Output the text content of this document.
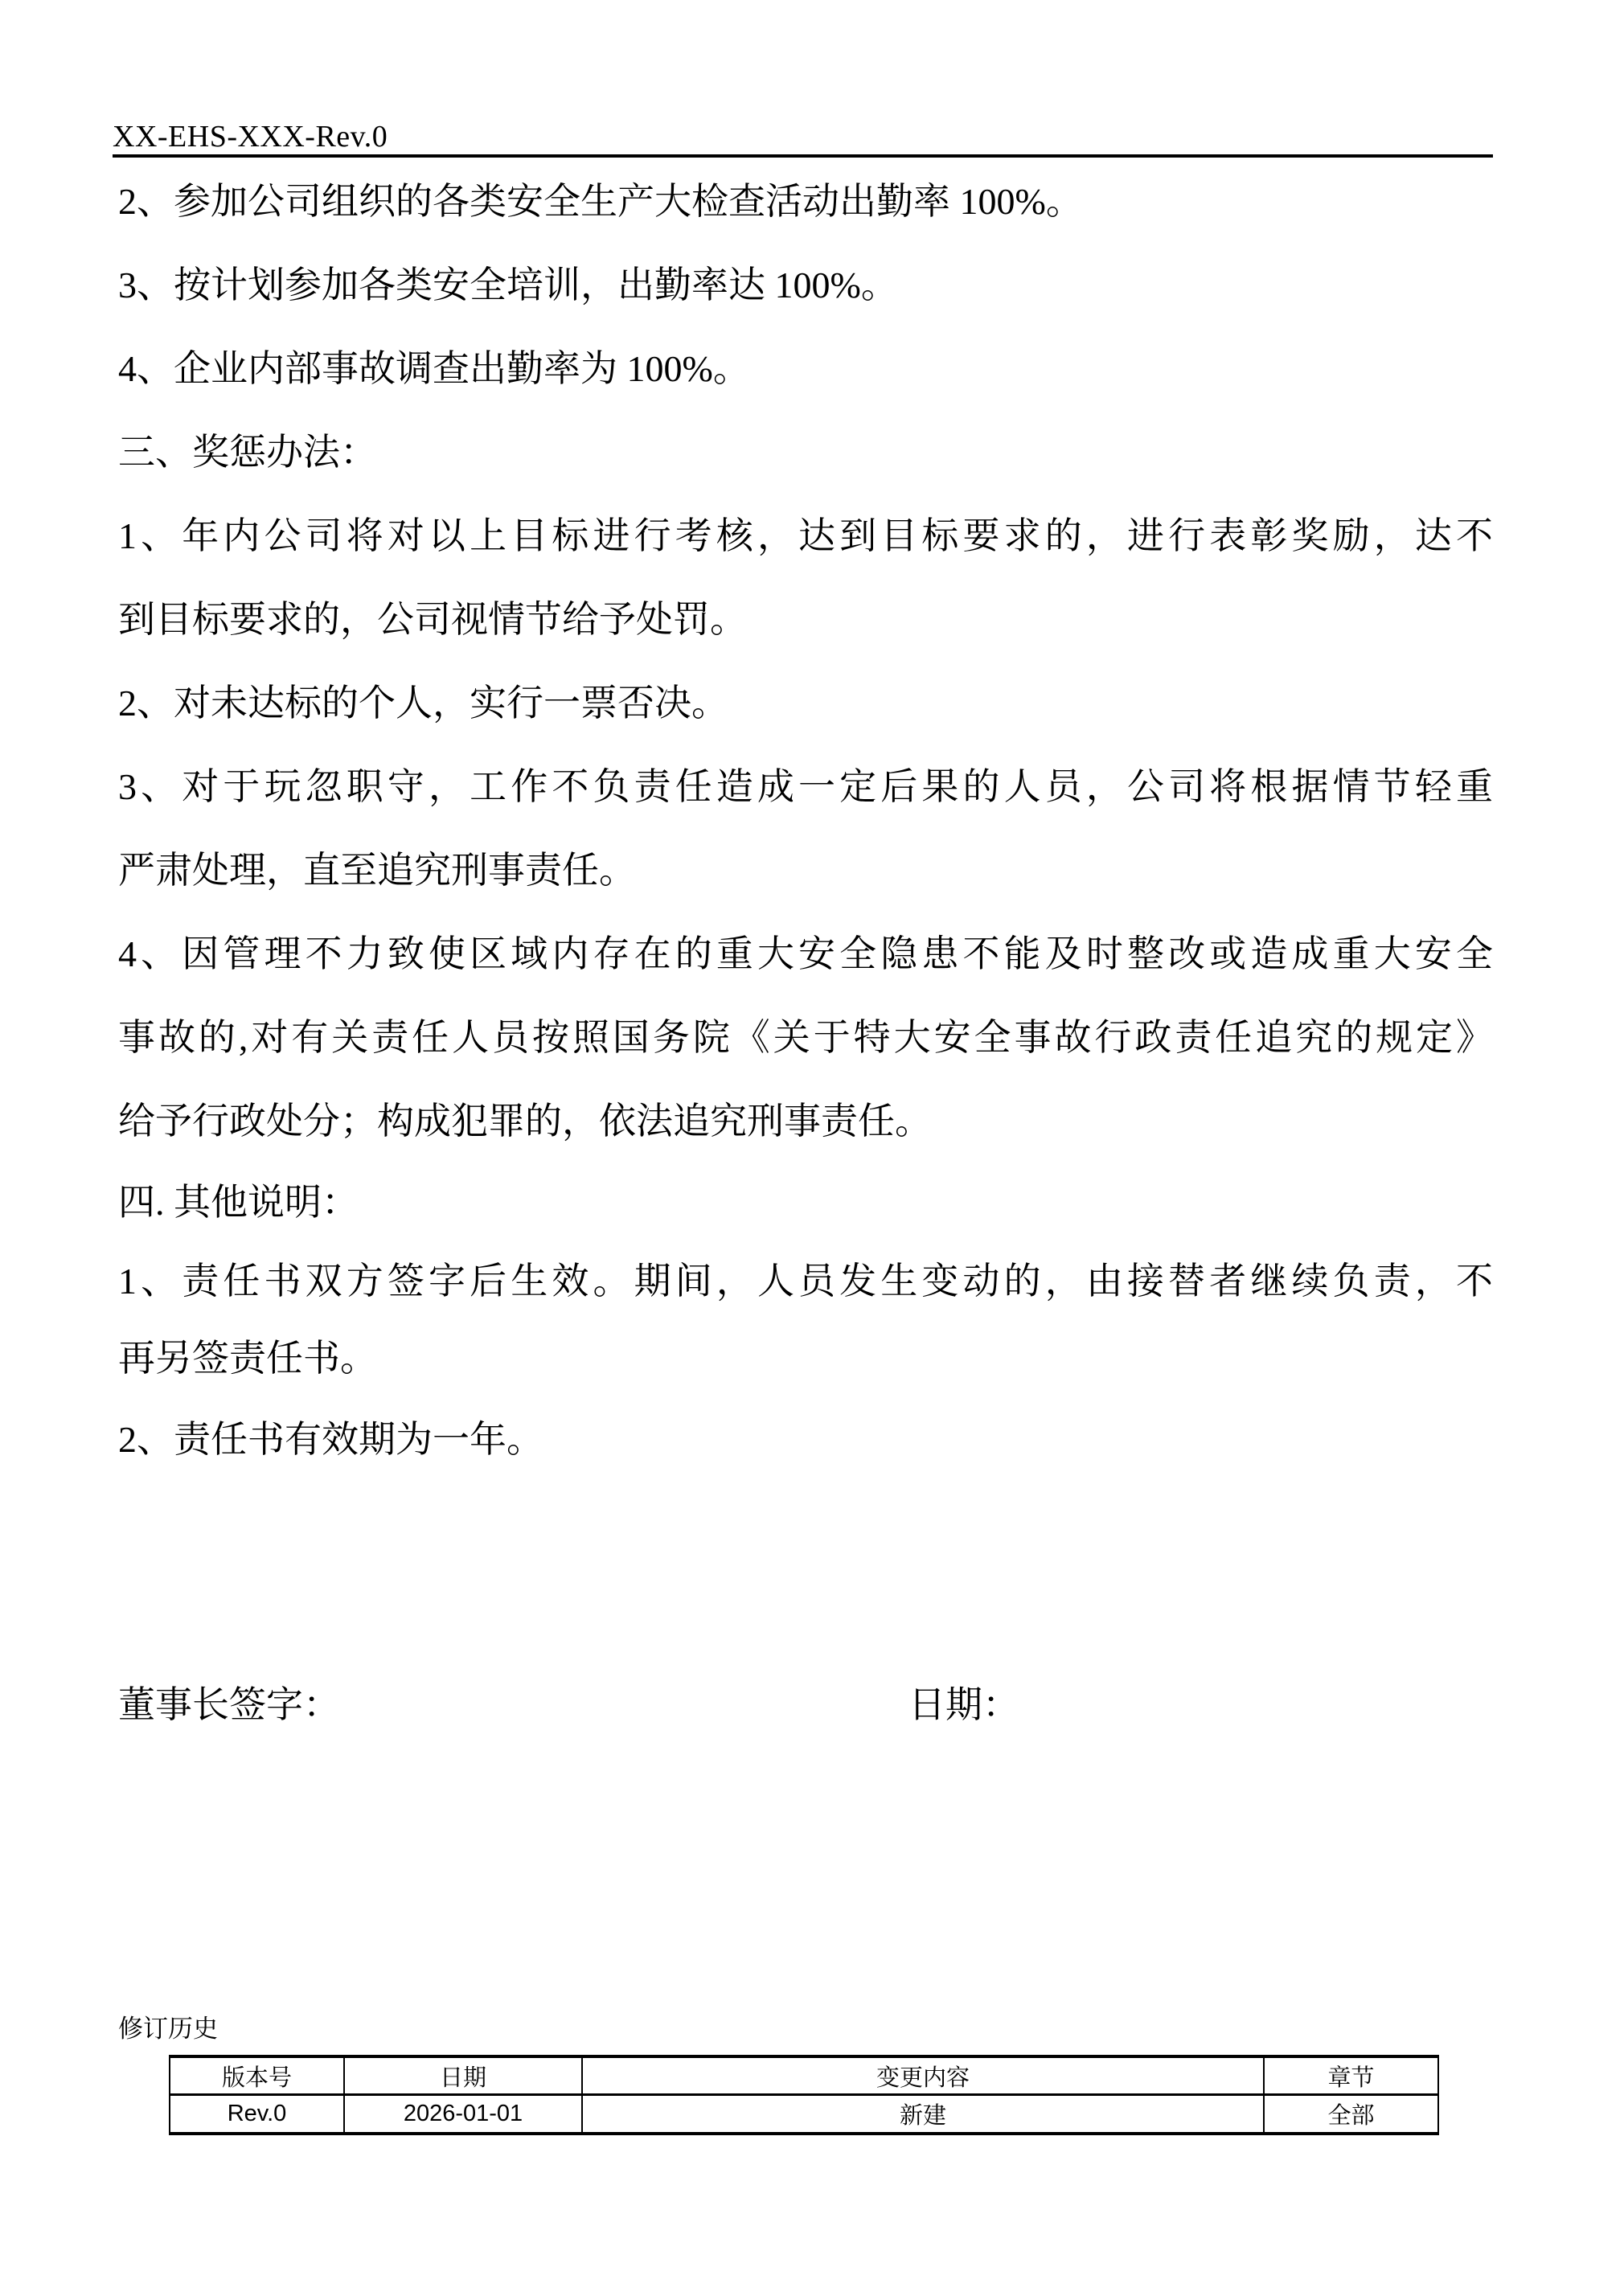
XX-EHS-XXX-Rev.0
2、参加公司组织的各类安全生产大检查活动出勤率 100%。
3、按计划参加各类安全培训，出勤率达 100%。
4、企业内部事故调查出勤率为 100%。
三、奖惩办法：
1、年内公司将对以上目标进行考核，达到目标要求的，进行表彰奖励，达不
到目标要求的，公司视情节给予处罚。
2、对未达标的个人，实行一票否决。
3、对于玩忽职守，工作不负责任造成一定后果的人员，公司将根据情节轻重
严肃处理，直至追究刑事责任。
4、因管理不力致使区域内存在的重大安全隐患不能及时整改或造成重大安全
事故的,对有关责任人员按照国务院《关于特大安全事故行政责任追究的规定》
给予行政处分；构成犯罪的，依法追究刑事责任。
四. 其他说明：
1、责任书双方签字后生效。期间，人员发生变动的，由接替者继续负责，不
再另签责任书。
2、责任书有效期为一年。
董事长签字：	日期：
修订历史
版本号	日期	变更内容	章节
Rev.0	2026-01-01	新建	全部
